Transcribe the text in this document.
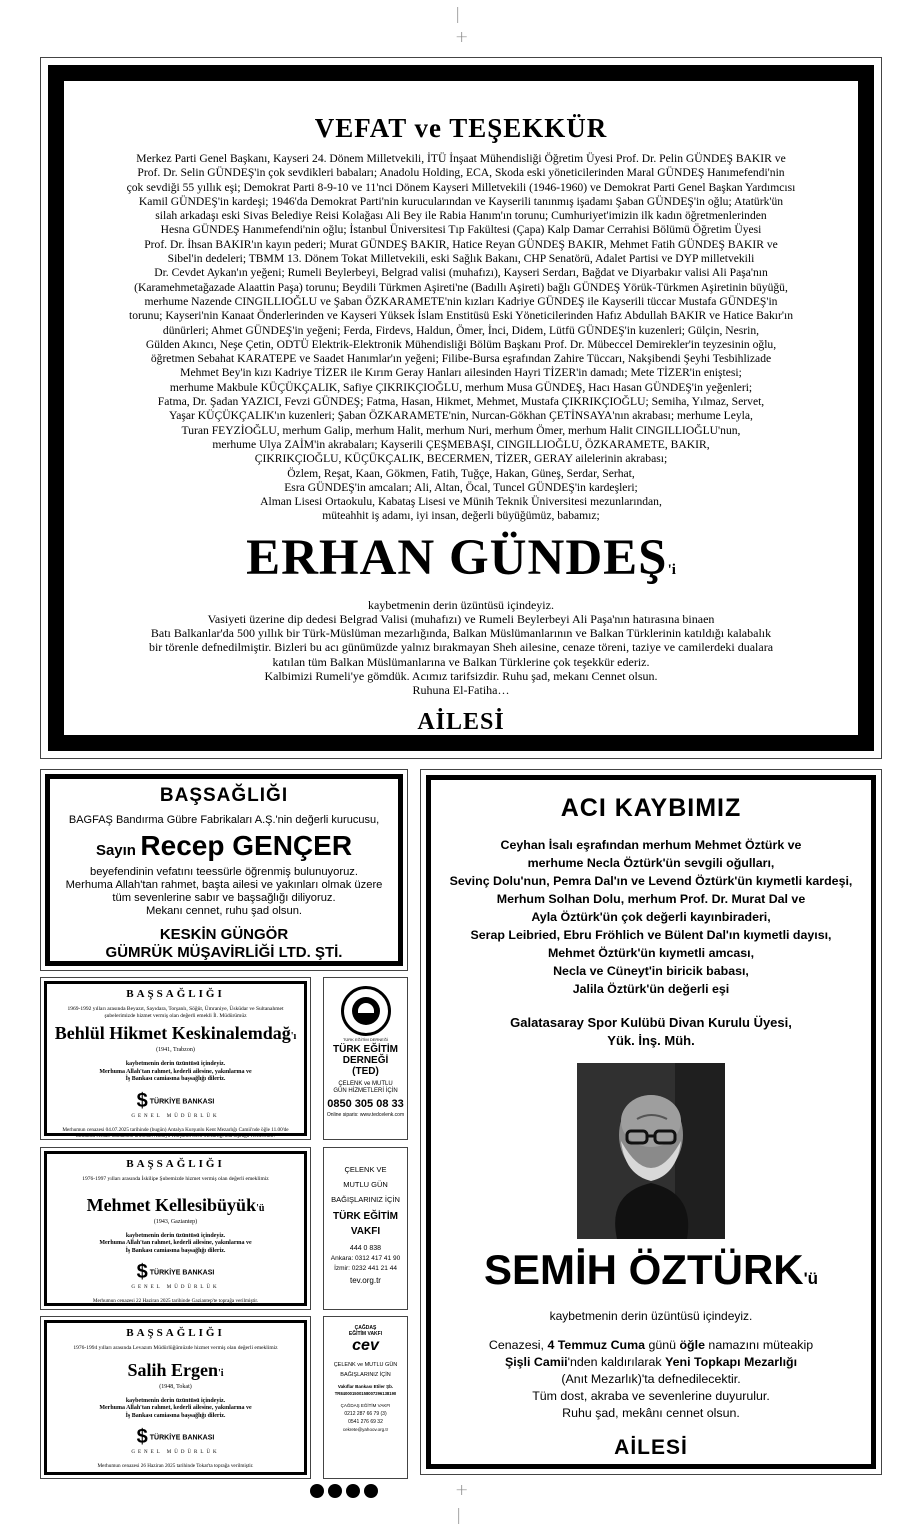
|
+
+
|
VEFAT ve TEŞEKKÜR
Merkez Parti Genel Başkanı, Kayseri 24. Dönem Milletvekili, İTÜ İnşaat Mühendisliği Öğretim Üyesi Prof. Dr. Pelin GÜNDEŞ BAKIR ve
Prof. Dr. Selin GÜNDEŞ'in çok sevdikleri babaları; Anadolu Holding, ECA, Skoda eski yöneticilerinden Maral GÜNDEŞ Hanımefendi'nin
çok sevdiği 55 yıllık eşi; Demokrat Parti 8-9-10 ve 11'nci Dönem Kayseri Milletvekili (1946-1960) ve Demokrat Parti Genel Başkan Yardımcısı
Kamil GÜNDEŞ'in kardeşi; 1946'da Demokrat Parti'nin kurucularından ve Kayserili tanınmış işadamı Şaban GÜNDEŞ'in oğlu; Atatürk'ün
silah arkadaşı eski Sivas Belediye Reisi Kolağası Ali Bey ile Rabia Hanım'ın torunu; Cumhuriyet'imizin ilk kadın öğretmenlerinden
Hesna GÜNDEŞ Hanımefendi'nin oğlu; İstanbul Üniversitesi Tıp Fakültesi (Çapa) Kalp Damar Cerrahisi Bölümü Öğretim Üyesi
Prof. Dr. İhsan BAKIR'ın kayın pederi; Murat GÜNDEŞ BAKIR, Hatice Reyan GÜNDEŞ BAKIR, Mehmet Fatih GÜNDEŞ BAKIR ve
Sibel'in dedeleri; TBMM 13. Dönem Tokat Milletvekili, eski Sağlık Bakanı, CHP Senatörü, Adalet Partisi ve DYP milletvekili
Dr. Cevdet Aykan'ın yeğeni; Rumeli Beylerbeyi, Belgrad valisi (muhafızı), Kayseri Serdarı, Bağdat ve Diyarbakır valisi Ali Paşa'nın
(Karamehmetağazade Alaattin Paşa) torunu; Beydili Türkmen Aşireti'ne (Badıllı Aşireti) bağlı GÜNDEŞ Yörük-Türkmen Aşiretinin büyüğü,
merhume Nazende CINGILLIOĞLU ve Şaban ÖZKARAMETE'nin kızları Kadriye GÜNDEŞ ile Kayserili tüccar Mustafa GÜNDEŞ'in
torunu; Kayseri'nin Kanaat Önderlerinden ve Kayseri Yüksek İslam Enstitüsü Eski Yöneticilerinden Hafız Abdullah BAKIR ve Hatice Bakır'ın
dünürleri; Ahmet GÜNDEŞ'in yeğeni; Ferda, Firdevs, Haldun, Ömer, İnci, Didem, Lütfü GÜNDEŞ'in kuzenleri; Gülçin, Nesrin,
Gülden Akıncı, Neşe Çetin, ODTÜ Elektrik-Elektronik Mühendisliği Bölüm Başkanı Prof. Dr. Mübeccel Demirekler'in teyzesinin oğlu,
öğretmen Sebahat KARATEPE ve Saadet Hanımlar'ın yeğeni; Filibe-Bursa eşrafından Zahire Tüccarı, Nakşibendi Şeyhi Tesbihlizade
Mehmet Bey'in kızı Kadriye TİZER ile Kırım Geray Hanları ailesinden Hayri TİZER'in damadı; Mete TİZER'in eniştesi;
merhume Makbule KÜÇÜKÇALIK, Safiye ÇIKRIKÇIOĞLU, merhum Musa GÜNDEŞ, Hacı Hasan GÜNDEŞ'in yeğenleri;
Fatma, Dr. Şadan YAZICI, Fevzi GÜNDEŞ; Fatma, Hasan, Hikmet, Mehmet, Mustafa ÇIKRIKÇIOĞLU; Semiha, Yılmaz, Servet,
Yaşar KÜÇÜKÇALIK'ın kuzenleri; Şaban ÖZKARAMETE'nin, Nurcan-Gökhan ÇETİNSAYA'nın akrabası; merhume Leyla,
Turan FEYZİOĞLU, merhum Galip, merhum Halit, merhum Nuri, merhum Ömer, merhum Halit CINGILLIOĞLU'nun,
merhume Ulya ZAİM'in akrabaları; Kayserili ÇEŞMEBAŞI, CINGILLIOĞLU, ÖZKARAMETE, BAKIR,
ÇIKRIKÇIOĞLU, KÜÇÜKÇALIK, BECERMEN, TİZER, GERAY ailelerinin akrabası;
Özlem, Reşat, Kaan, Gökmen, Fatih, Tuğçe, Hakan, Güneş, Serdar, Serhat,
Esra GÜNDEŞ'in amcaları; Ali, Altan, Öcal, Tuncel GÜNDEŞ'in kardeşleri;
Alman Lisesi Ortaokulu, Kabataş Lisesi ve Münih Teknik Üniversitesi mezunlarından,
müteahhit iş adamı, iyi insan, değerli büyüğümüz, babamız;
ERHAN GÜNDEŞ'i
kaybetmenin derin üzüntüsü içindeyiz.
Vasiyeti üzerine dip dedesi Belgrad Valisi (muhafızı) ve Rumeli Beylerbeyi Ali Paşa'nın hatırasına binaen
Batı Balkanlar'da 500 yıllık bir Türk-Müslüman mezarlığında, Balkan Müslümanlarının ve Balkan Türklerinin katıldığı kalabalık
bir törenle defnedilmiştir. Bizleri bu acı günümüzde yalnız bırakmayan Sheh ailesine, cenaze töreni, taziye ve camilerdeki dualara
katılan tüm Balkan Müslümanlarına ve Balkan Türklerine çok teşekkür ederiz.
Kalbimizi Rumeli'ye gömdük. Acımız tarifsizdir. Ruhu şad, mekanı Cennet olsun.
Ruhuna El-Fatiha…
AİLESİ
BAŞSAĞLIĞI
BAGFAŞ Bandırma Gübre Fabrikaları A.Ş.'nin değerli kurucusu,
Sayın Recep GENÇER
beyefendinin vefatını teessürle öğrenmiş bulunuyoruz.
Merhuma Allah'tan rahmet, başta ailesi ve yakınları olmak üzere
tüm sevenlerine sabır ve başsağlığı diliyoruz.
Mekanı cennet, ruhu şad olsun.
KESKİN GÜNGÖR
GÜMRÜK MÜŞAVİRLİĞİ LTD. ŞTİ.
BAŞSAĞLIĞI
1969-1992 yılları arasında Beyazıt, Sayıdara, Torşanlı, Söğüt, Ümraniye, Üsküdar ve Sultanahmet şubelerimizde hizmet vermiş olan değerli emekli İl. Müdürümüz
Behlül Hikmet Keskinalemdağ'ı
(1941, Trabzon)
kaybetmenin derin üzüntüsü içindeyiz.
Merhuma Allah'tan rahmet, kederli ailesine, yakınlarına ve
İş Bankası camiasına başsağlığı dileriz.
$ TÜRKİYE BANKASI
GENEL MÜDÜRLÜK
Merhumun cenazesi 04.07.2025 tarihinde (bugün) Antalya Kurşunlu Kent Mezarlığı Camii'nde öğle 11.00'de kılınacak cenaze namazının ardından Antalya Kurşunlu Kent Mezarlığı'nda toprağa verilecektir.
BAŞSAĞLIĞI
1976-1997 yılları arasında İskilipe Şubemizde hizmet vermiş olan değerli emeklimiz
Mehmet Kellesibüyük'ü
(1943, Gaziantep)
kaybetmenin derin üzüntüsü içindeyiz.
Merhuma Allah'tan rahmet, kederli ailesine, yakınlarına ve
İş Bankası camiasına başsağlığı dileriz.
$ TÜRKİYE BANKASI
GENEL MÜDÜRLÜK
Merhumun cenazesi 22 Haziran 2025 tarihinde Gaziantep'te toprağa verilmiştir.
BAŞSAĞLIĞI
1976-1994 yılları arasında Levazım Müdürlüğümüzde hizmet vermiş olan değerli emeklimiz
Salih Ergen'i
(1948, Tokat)
kaybetmenin derin üzüntüsü içindeyiz.
Merhuma Allah'tan rahmet, kederli ailesine, yakınlarına ve
İş Bankası camiasına başsağlığı dileriz.
$ TÜRKİYE BANKASI
GENEL MÜDÜRLÜK
Merhumun cenazesi 26 Haziran 2025 tarihinde Tokat'ta toprağa verilmiştir.
TÜRK EĞİTİM DERNEĞİ
TÜRK EĞİTİM DERNEĞİ (TED)
ÇELENK ve MUTLU GÜN HİZMETLERİ İÇİN
0850 305 08 33
Online siparis: www.tedcelenk.com
ÇELENK VE
MUTLU GÜN
BAĞIŞLARINIZ İÇİN
TÜRK EĞİTİM
VAKFI
444 0 838
Ankara: 0312 417 41 90
İzmir: 0232 441 21 44
tev.org.tr
ÇAĞDAŞ EĞİTİM VAKFI
cev
ÇELENK ve MUTLU GÜN
BAĞIŞLARINIZ İÇİN
Vakıflar Bankası Etiler Şb.
TR840001500158007296138190
ÇAĞDAŞ EĞİTİM VAKFI
0212 287 66 79 (3)
0541 276 69 32
cekrete@yahoov.org.tr
ACI KAYBIMIZ
Ceyhan İsalı eşrafından merhum Mehmet Öztürk ve
merhume Necla Öztürk'ün sevgili oğulları,
Sevinç Dolu'nun, Pemra Dal'ın ve Levend Öztürk'ün kıymetli kardeşi,
Merhum Solhan Dolu, merhum Prof. Dr. Murat Dal ve
Ayla Öztürk'ün çok değerli kayınbiraderi,
Serap Leibried, Ebru Fröhlich ve Bülent Dal'ın kıymetli dayısı,
Mehmet Öztürk'ün kıymetli amcası,
Necla ve Cüneyt'in biricik babası,
Jalila Öztürk'ün değerli eşi
Galatasaray Spor Kulübü Divan Kurulu Üyesi,
Yük. İnş. Müh.
SEMİH ÖZTÜRK'ü
kaybetmenin derin üzüntüsü içindeyiz.
Cenazesi, 4 Temmuz Cuma günü öğle namazını müteakip
Şişli Camii'nden kaldırılarak Yeni Topkapı Mezarlığı
(Anıt Mezarlık)'ta defnedilecektir.
Tüm dost, akraba ve sevenlerine duyurulur.
Ruhu şad, mekânı cennet olsun.
AİLESİ
